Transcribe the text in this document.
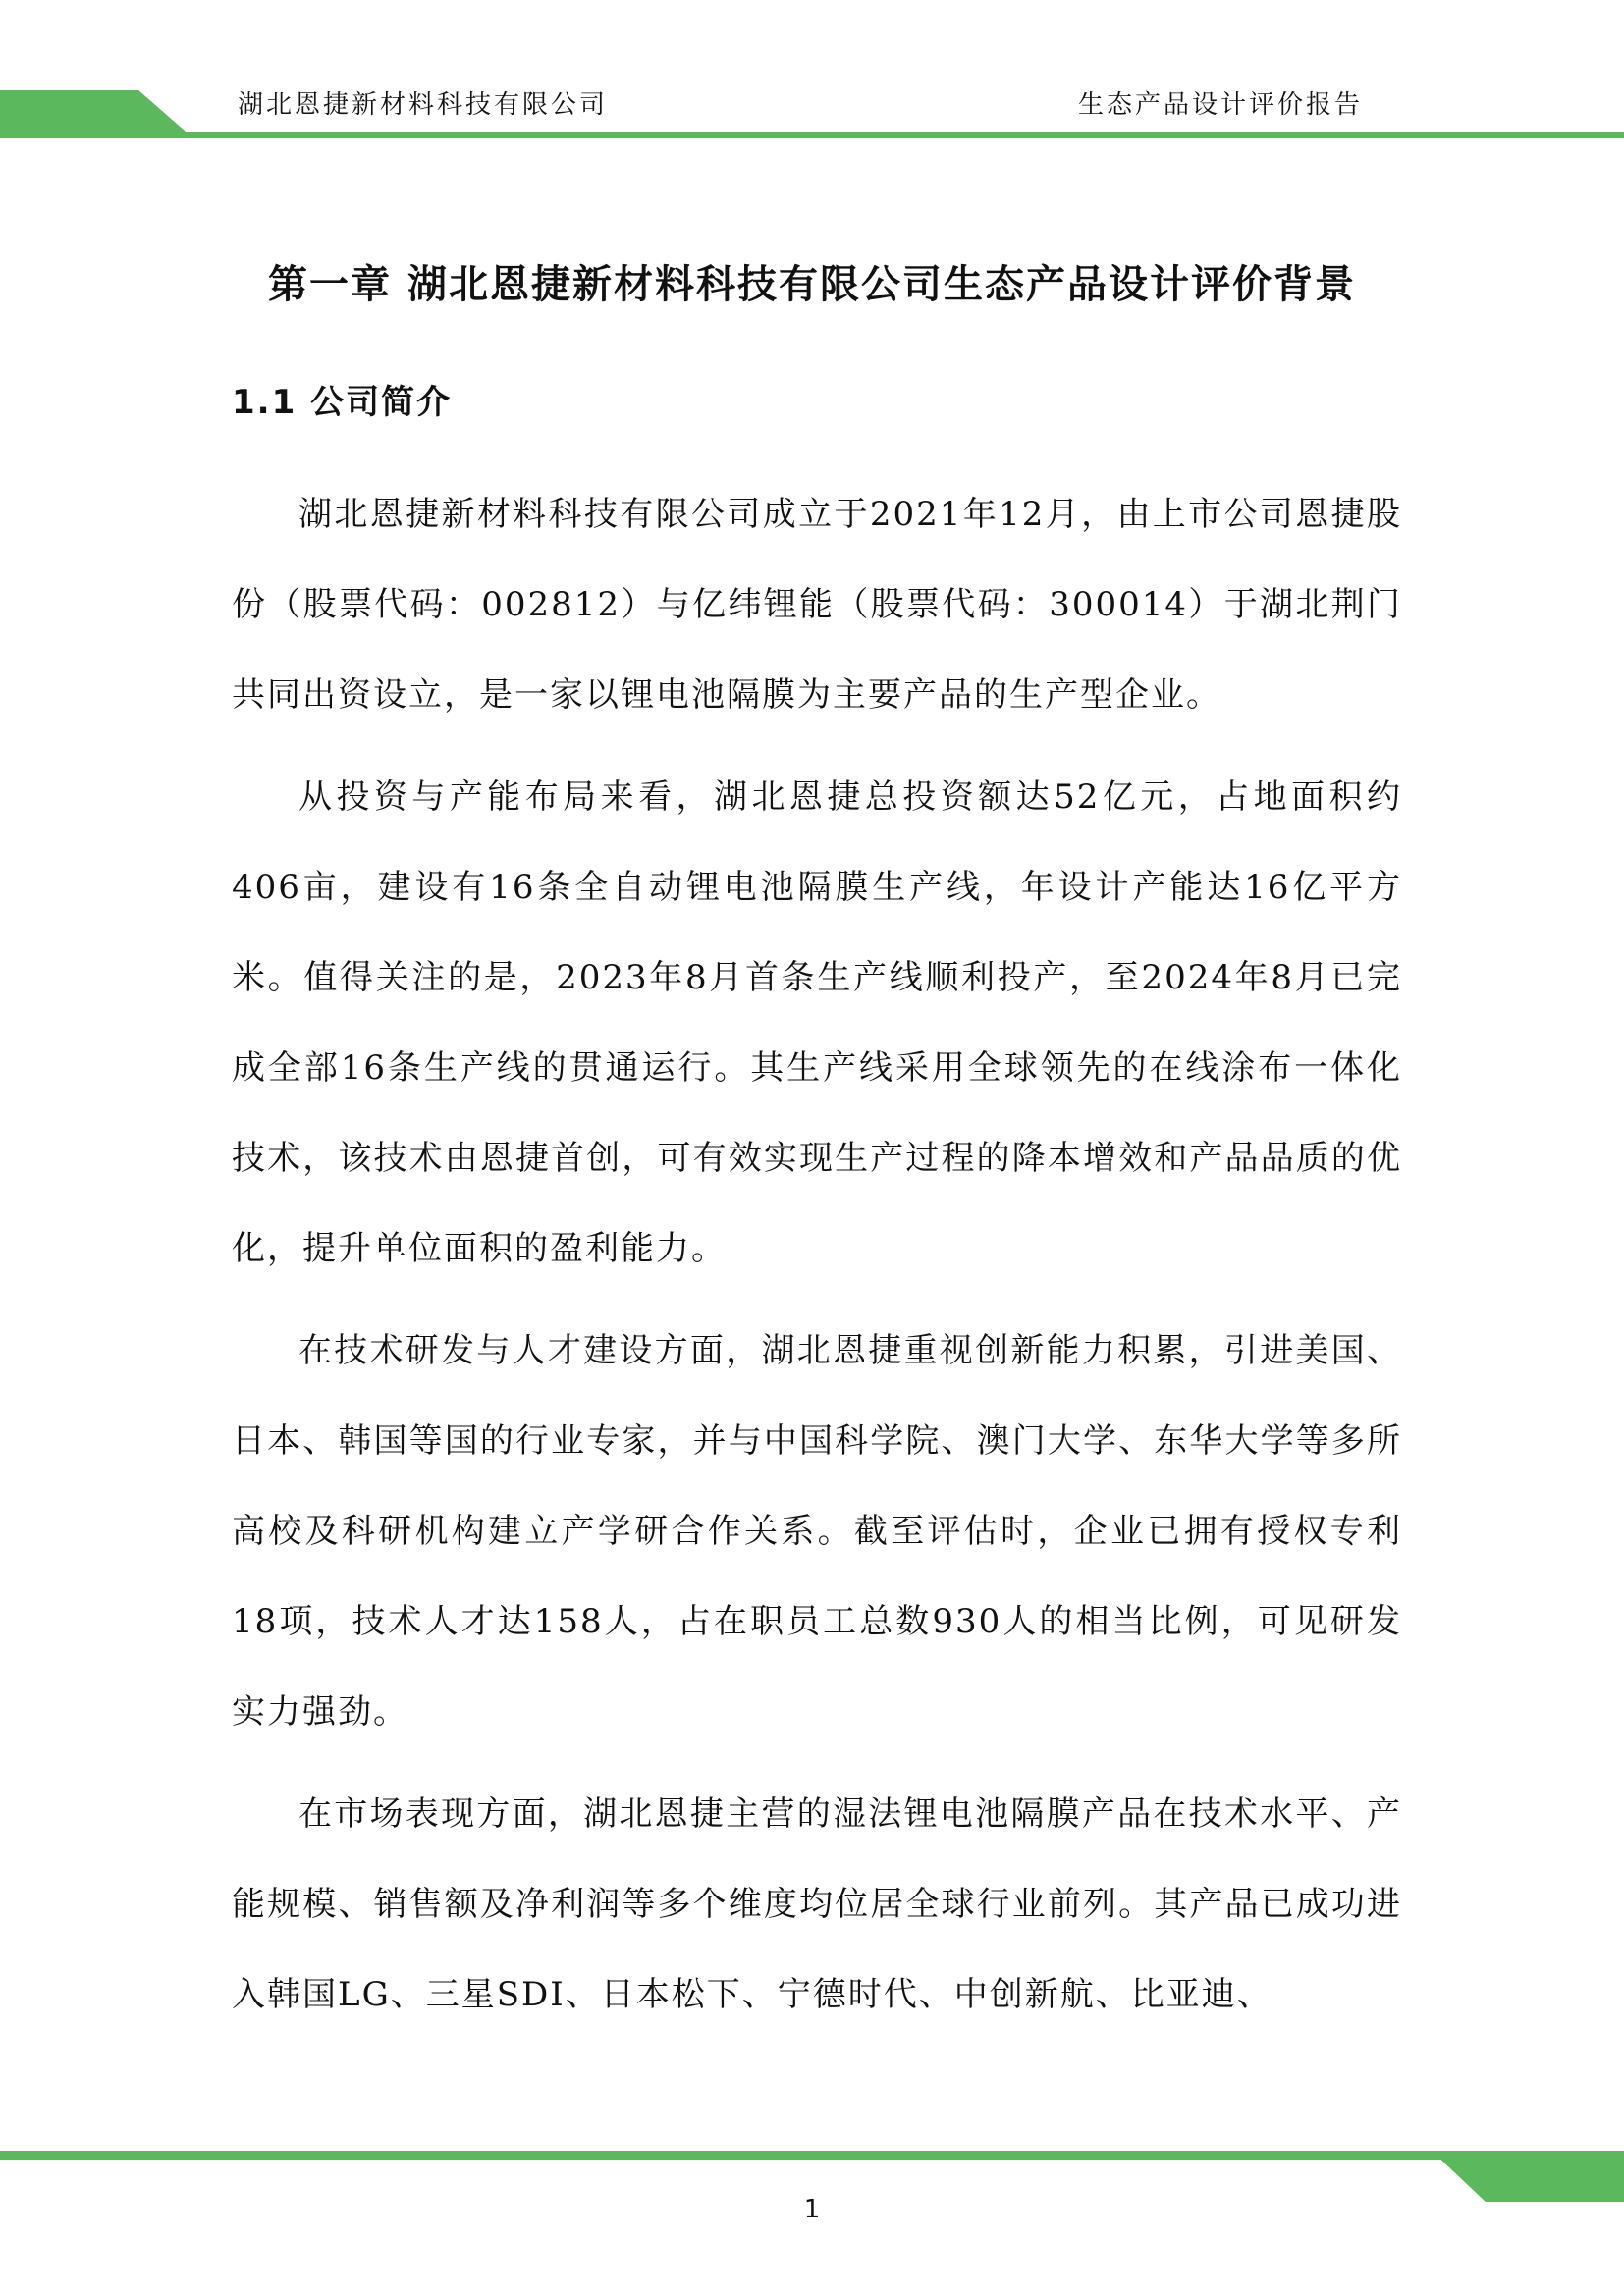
湖北恩捷新材料科技有限公司	生态产品设计评价报告
第一章 湖北恩捷新材料科技有限公司生态产品设计评价背景
1.1 公司简介

湖北恩捷新材料科技有限公司成立于2021年12月，由上市公司恩捷股份（股票代码：002812）与亿纬锂能（股票代码：300014）于湖北荆门共同出资设立，是一家以锂电池隔膜为主要产品的生产型企业。

从投资与产能布局来看，湖北恩捷总投资额达52亿元，占地面积约406亩，建设有16条全自动锂电池隔膜生产线，年设计产能达16亿平方米。值得关注的是，2023年8月首条生产线顺利投产，至2024年8月已完成全部16条生产线的贯通运行。其生产线采用全球领先的在线涂布一体化技术，该技术由恩捷首创，可有效实现生产过程的降本增效和产品品质的优化，提升单位面积的盈利能力。

在技术研发与人才建设方面，湖北恩捷重视创新能力积累，引进美国、日本、韩国等国的行业专家，并与中国科学院、澳门大学、东华大学等多所高校及科研机构建立产学研合作关系。截至评估时，企业已拥有授权专利18项，技术人才达158人，占在职员工总数930人的相当比例，可见研发实力强劲。

在市场表现方面，湖北恩捷主营的湿法锂电池隔膜产品在技术水平、产能规模、销售额及净利润等多个维度均位居全球行业前列。其产品已成功进入韩国LG、三星SDI、日本松下、宁德时代、中创新航、比亚迪、

1
